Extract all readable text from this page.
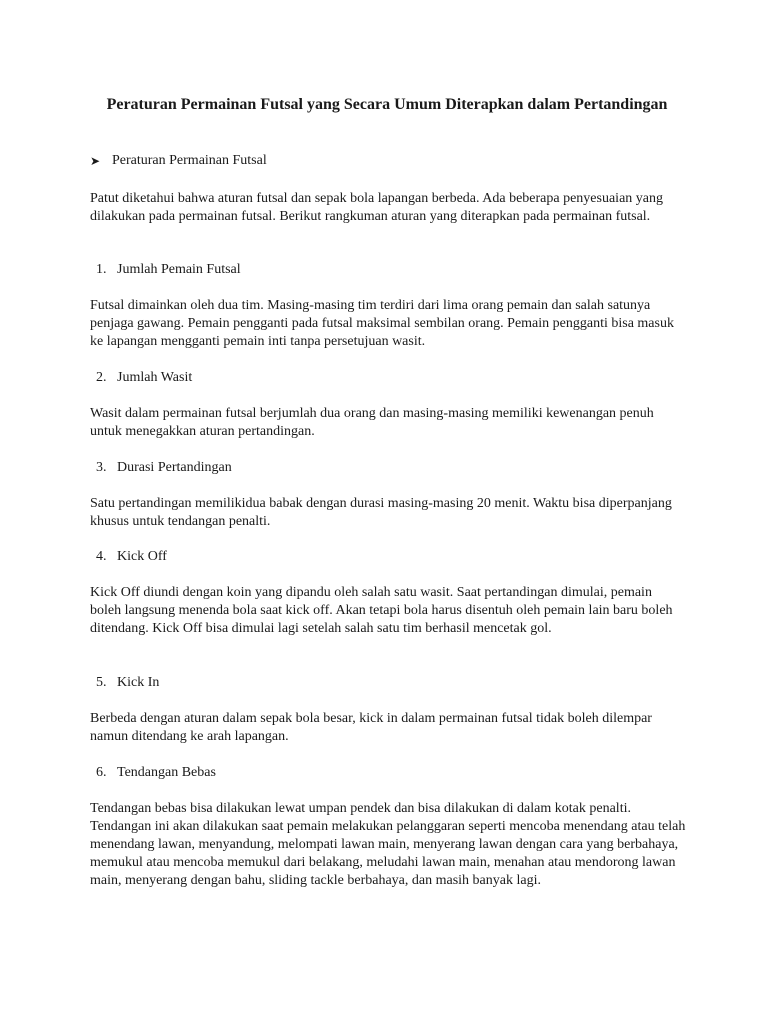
Peraturan Permainan Futsal yang Secara Umum Diterapkan dalam Pertandingan
➤ Peraturan Permainan Futsal

Patut diketahui bahwa aturan futsal dan sepak bola lapangan berbeda. Ada beberapa penyesuaian yang dilakukan pada permainan futsal. Berikut rangkuman aturan yang diterapkan pada permainan futsal.

1. Jumlah Pemain Futsal

Futsal dimainkan oleh dua tim. Masing-masing tim terdiri dari lima orang pemain dan salah satunya penjaga gawang. Pemain pengganti pada futsal maksimal sembilan orang. Pemain pengganti bisa masuk ke lapangan mengganti pemain inti tanpa persetujuan wasit.

2. Jumlah Wasit

Wasit dalam permainan futsal berjumlah dua orang dan masing-masing memiliki kewenangan penuh untuk menegakkan aturan pertandingan.

3. Durasi Pertandingan

Satu pertandingan memilikidua babak dengan durasi masing-masing 20 menit. Waktu bisa diperpanjang khusus untuk tendangan penalti.

4. Kick Off

Kick Off diundi dengan koin yang dipandu oleh salah satu wasit. Saat pertandingan dimulai, pemain boleh langsung menenda bola saat kick off. Akan tetapi bola harus disentuh oleh pemain lain baru boleh ditendang. Kick Off bisa dimulai lagi setelah salah satu tim berhasil mencetak gol.

5. Kick In

Berbeda dengan aturan dalam sepak bola besar, kick in dalam permainan futsal tidak boleh dilempar namun ditendang ke arah lapangan.

6. Tendangan Bebas

Tendangan bebas bisa dilakukan lewat umpan pendek dan bisa dilakukan di dalam kotak penalti. Tendangan ini akan dilakukan saat pemain melakukan pelanggaran seperti mencoba menendang atau telah menendang lawan, menyandung, melompati lawan main, menyerang lawan dengan cara yang berbahaya, memukul atau mencoba memukul dari belakang, meludahi lawan main, menahan atau mendorong lawan main, menyerang dengan bahu, sliding tackle berbahaya, dan masih banyak lagi.
